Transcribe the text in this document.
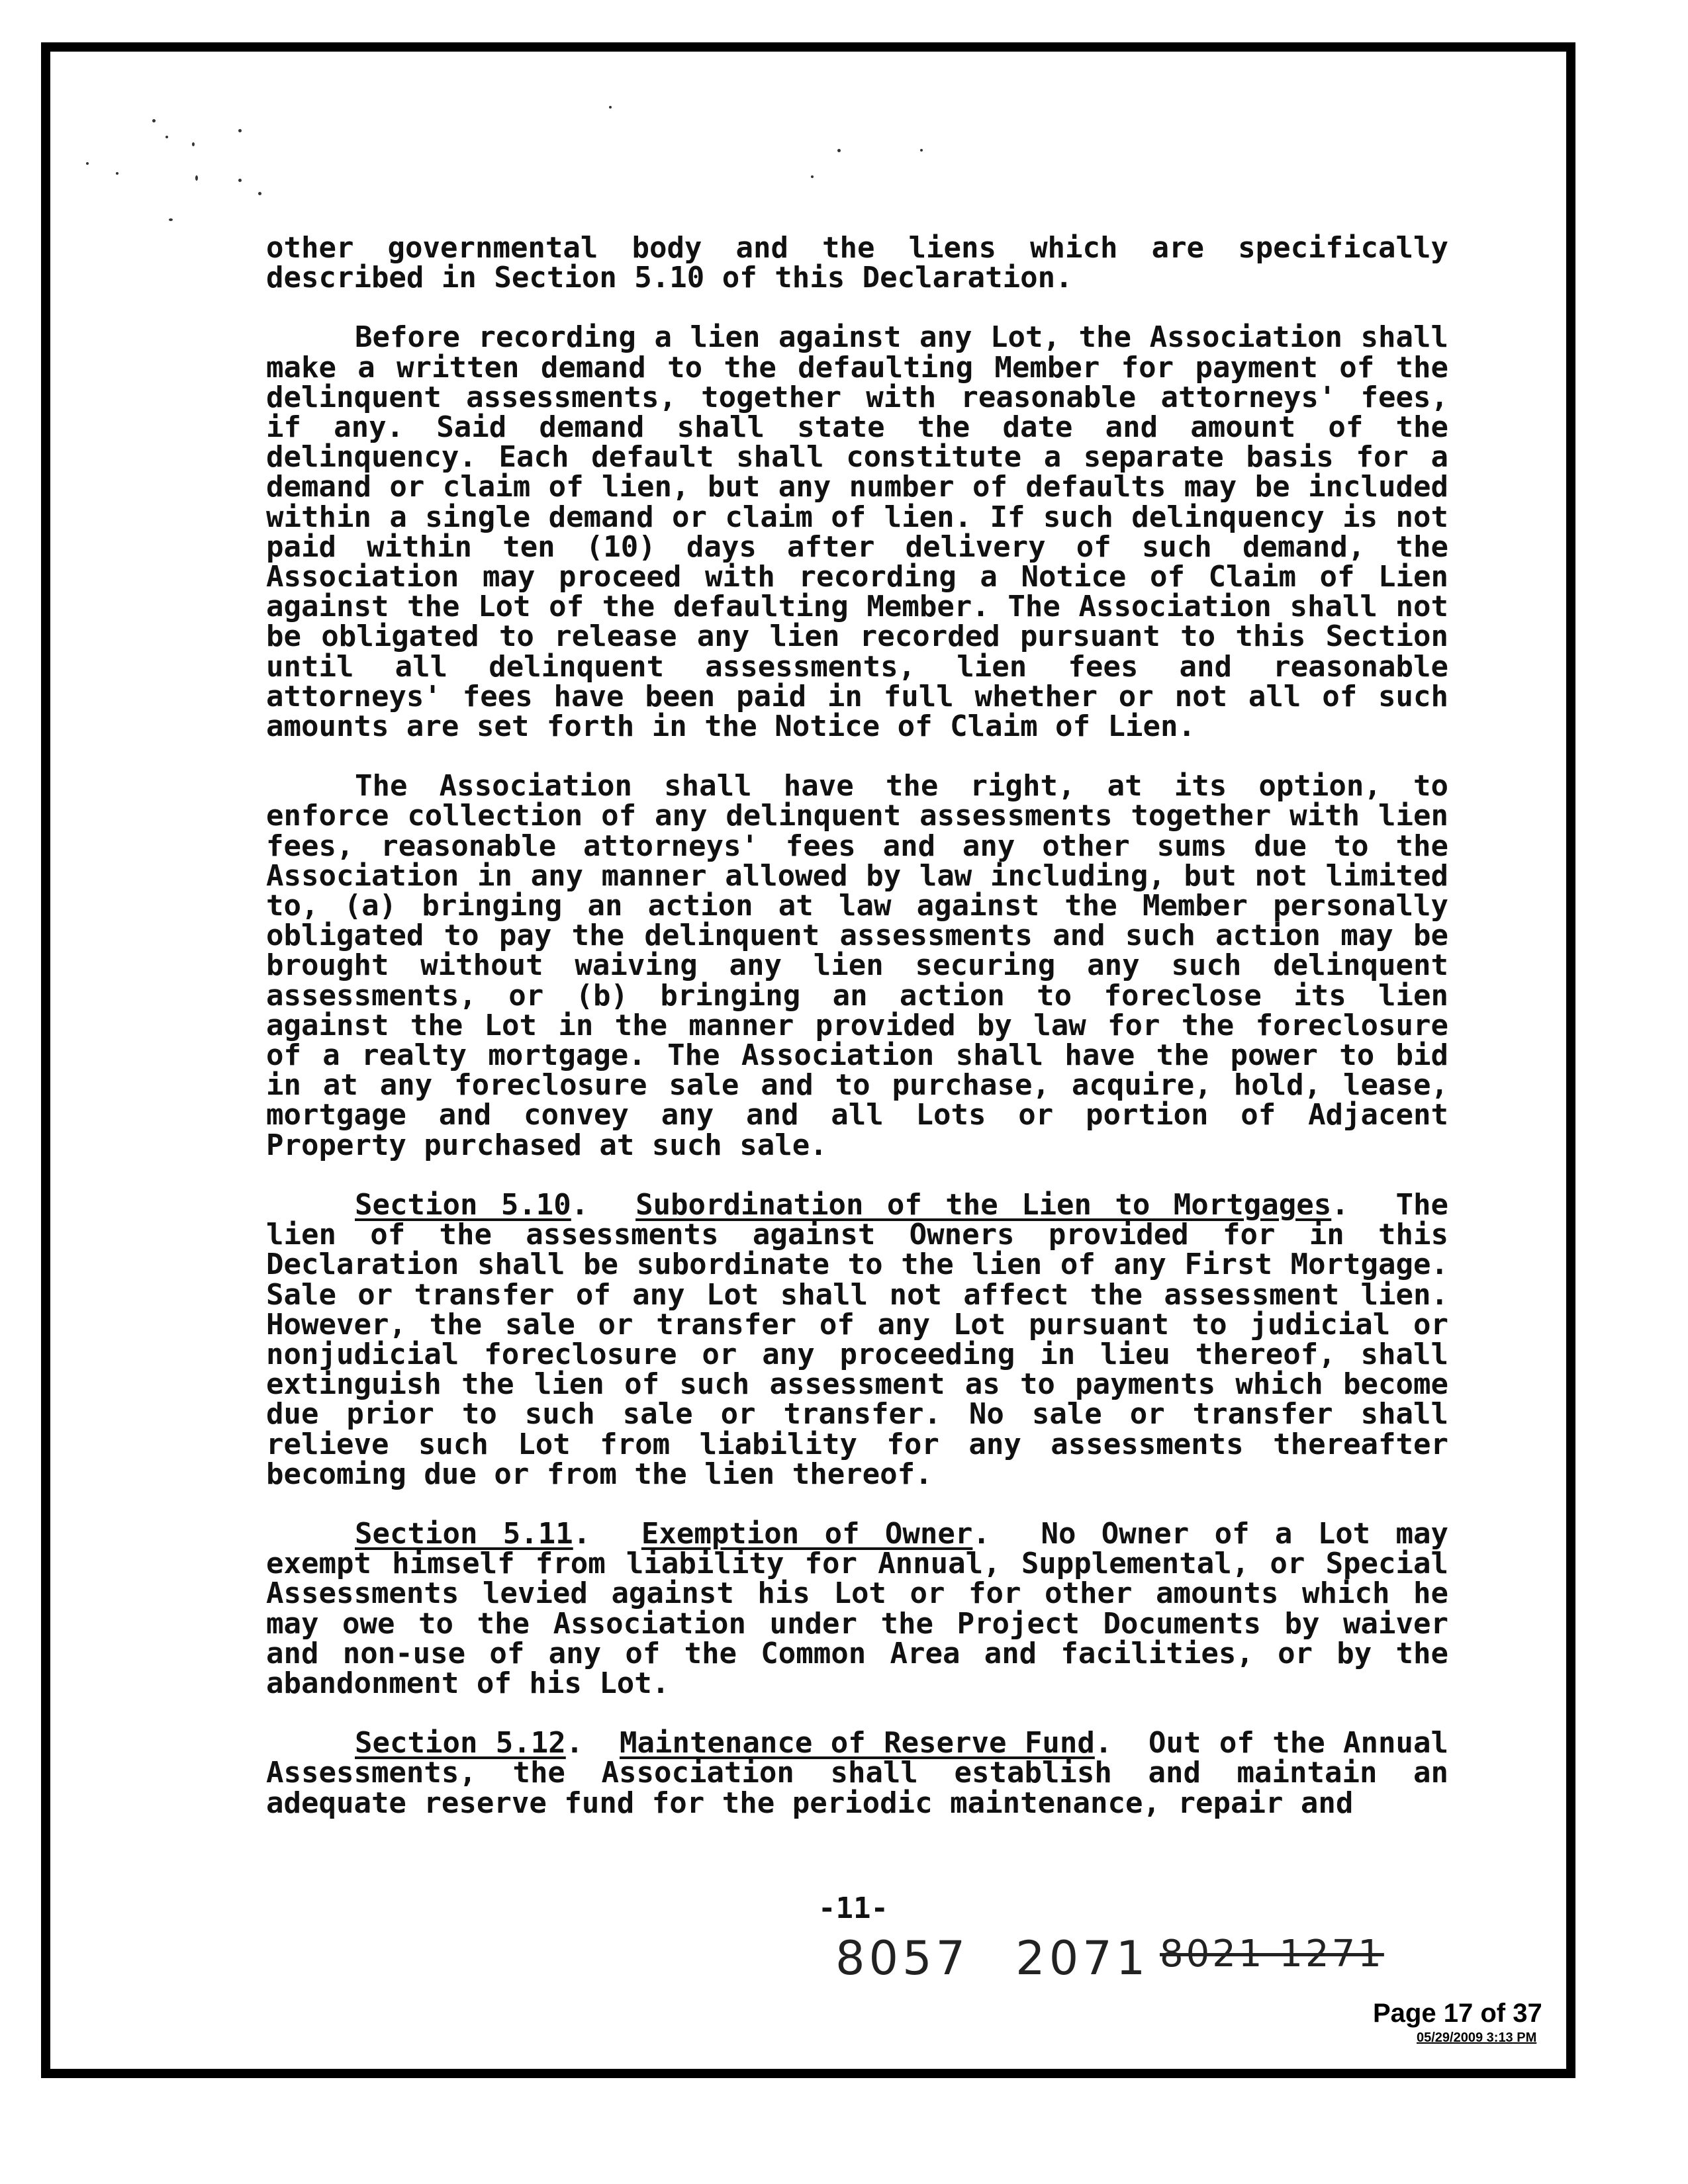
other governmental body and the liens which are specifically described in Section 5.10 of this Declaration.

Before recording a lien against any Lot, the Association shall make a written demand to the defaulting Member for payment of the delinquent assessments, together with reasonable attorneys' fees, if any. Said demand shall state the date and amount of the delinquency. Each default shall constitute a separate basis for a demand or claim of lien, but any number of defaults may be included within a single demand or claim of lien. If such delinquency is not paid within ten (10) days after delivery of such demand, the Association may proceed with recording a Notice of Claim of Lien against the Lot of the defaulting Member. The Association shall not be obligated to release any lien recorded pursuant to this Section until all delinquent assessments, lien fees and reasonable attorneys' fees have been paid in full whether or not all of such amounts are set forth in the Notice of Claim of Lien.

The Association shall have the right, at its option, to enforce collection of any delinquent assessments together with lien fees, reasonable attorneys' fees and any other sums due to the Association in any manner allowed by law including, but not limited to, (a) bringing an action at law against the Member personally obligated to pay the delinquent assessments and such action may be brought without waiving any lien securing any such delinquent assessments, or (b) bringing an action to foreclose its lien against the Lot in the manner provided by law for the foreclosure of a realty mortgage. The Association shall have the power to bid in at any foreclosure sale and to purchase, acquire, hold, lease, mortgage and convey any and all Lots or portion of Adjacent Property purchased at such sale.

Section 5.10.  Subordination of the Lien to Mortgages.  The lien of the assessments against Owners provided for in this Declaration shall be subordinate to the lien of any First Mortgage. Sale or transfer of any Lot shall not affect the assessment lien. However, the sale or transfer of any Lot pursuant to judicial or nonjudicial foreclosure or any proceeding in lieu thereof, shall extinguish the lien of such assessment as to payments which become due prior to such sale or transfer. No sale or transfer shall relieve such Lot from liability for any assessments thereafter becoming due or from the lien thereof.

Section 5.11.  Exemption of Owner.  No Owner of a Lot may exempt himself from liability for Annual, Supplemental, or Special Assessments levied against his Lot or for other amounts which he may owe to the Association under the Project Documents by waiver and non-use of any of the Common Area and facilities, or by the abandonment of his Lot.

Section 5.12.  Maintenance of Reserve Fund.  Out of the Annual Assessments, the Association shall establish and maintain an adequate reserve fund for the periodic maintenance, repair and

-11-
8057 2071 8021 1271
Page 17 of 37
05/29/2009 3:13 PM
